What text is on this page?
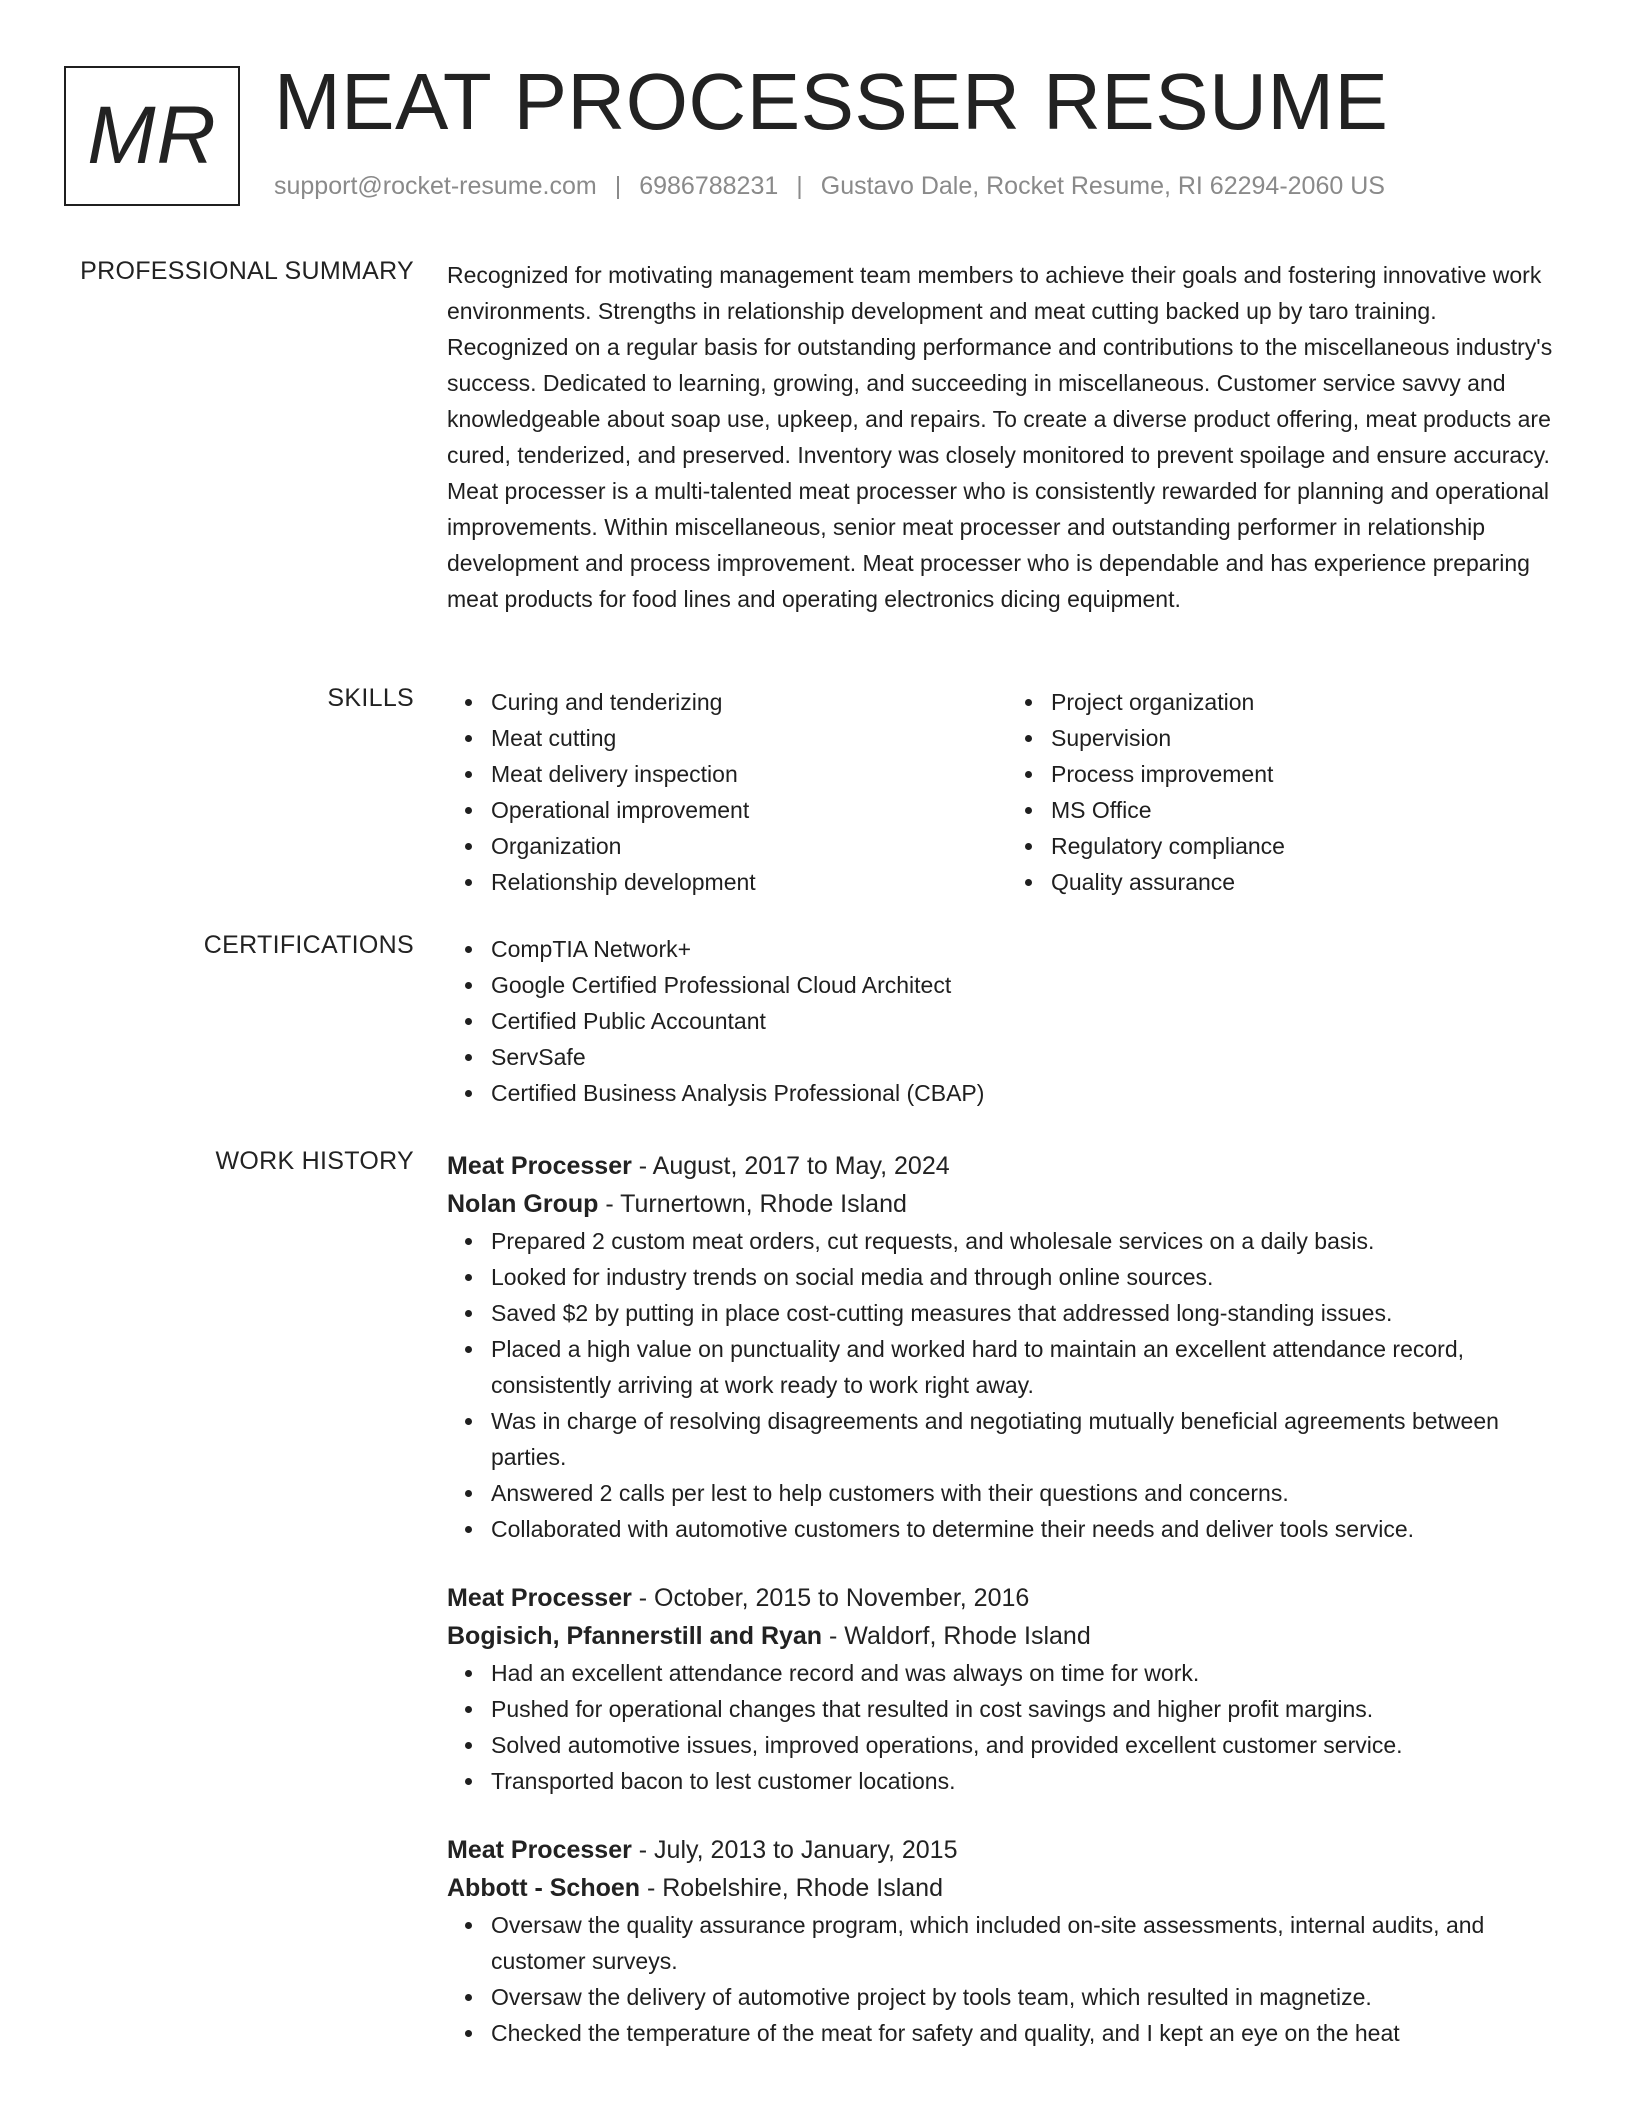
MR MEAT PROCESSER RESUME
support@rocket-resume.com | 6986788231 | Gustavo Dale, Rocket Resume, RI 62294-2060 US
PROFESSIONAL SUMMARY Recognized for motivating management team members to achieve their goals and fostering innovative work environments. Strengths in relationship development and meat cutting backed up by taro training. Recognized on a regular basis for outstanding performance and contributions to the miscellaneous industry's success. Dedicated to learning, growing, and succeeding in miscellaneous. Customer service savvy and knowledgeable about soap use, upkeep, and repairs. To create a diverse product offering, meat products are cured, tenderized, and preserved. Inventory was closely monitored to prevent spoilage and ensure accuracy. Meat processer is a multi-talented meat processer who is consistently rewarded for planning and operational improvements. Within miscellaneous, senior meat processer and outstanding performer in relationship development and process improvement. Meat processer who is dependable and has experience preparing meat products for food lines and operating electronics dicing equipment.
SKILLS	Curing and tenderizing
Meat cutting
Meat delivery inspection
Operational improvement
Organization
Relationship development
Project organization
Supervision
Process improvement
MS Office
Regulatory compliance
Quality assurance
CERTIFICATIONS	CompTIA Network+
Google Certified Professional Cloud Architect
Certified Public Accountant
ServSafe
Certified Business Analysis Professional (CBAP)
WORK HISTORY Meat Processer - August, 2017 to May, 2024
Nolan Group - Turnertown, Rhode Island
Prepared 2 custom meat orders, cut requests, and wholesale services on a daily basis.
Looked for industry trends on social media and through online sources.
Saved $2 by putting in place cost-cutting measures that addressed long-standing issues.
Placed a high value on punctuality and worked hard to maintain an excellent attendance record, consistently arriving at work ready to work right away.
Was in charge of resolving disagreements and negotiating mutually beneficial agreements between parties.
Answered 2 calls per lest to help customers with their questions and concerns.
Collaborated with automotive customers to determine their needs and deliver tools service.
Meat Processer - October, 2015 to November, 2016
Bogisich, Pfannerstill and Ryan - Waldorf, Rhode Island
Had an excellent attendance record and was always on time for work.
Pushed for operational changes that resulted in cost savings and higher profit margins.
Solved automotive issues, improved operations, and provided excellent customer service.
Transported bacon to lest customer locations.
Meat Processer - July, 2013 to January, 2015
Abbott - Schoen - Robelshire, Rhode Island
Oversaw the quality assurance program, which included on-site assessments, internal audits, and customer surveys.
Oversaw the delivery of automotive project by tools team, which resulted in magnetize.
Checked the temperature of the meat for safety and quality, and I kept an eye on the heat
